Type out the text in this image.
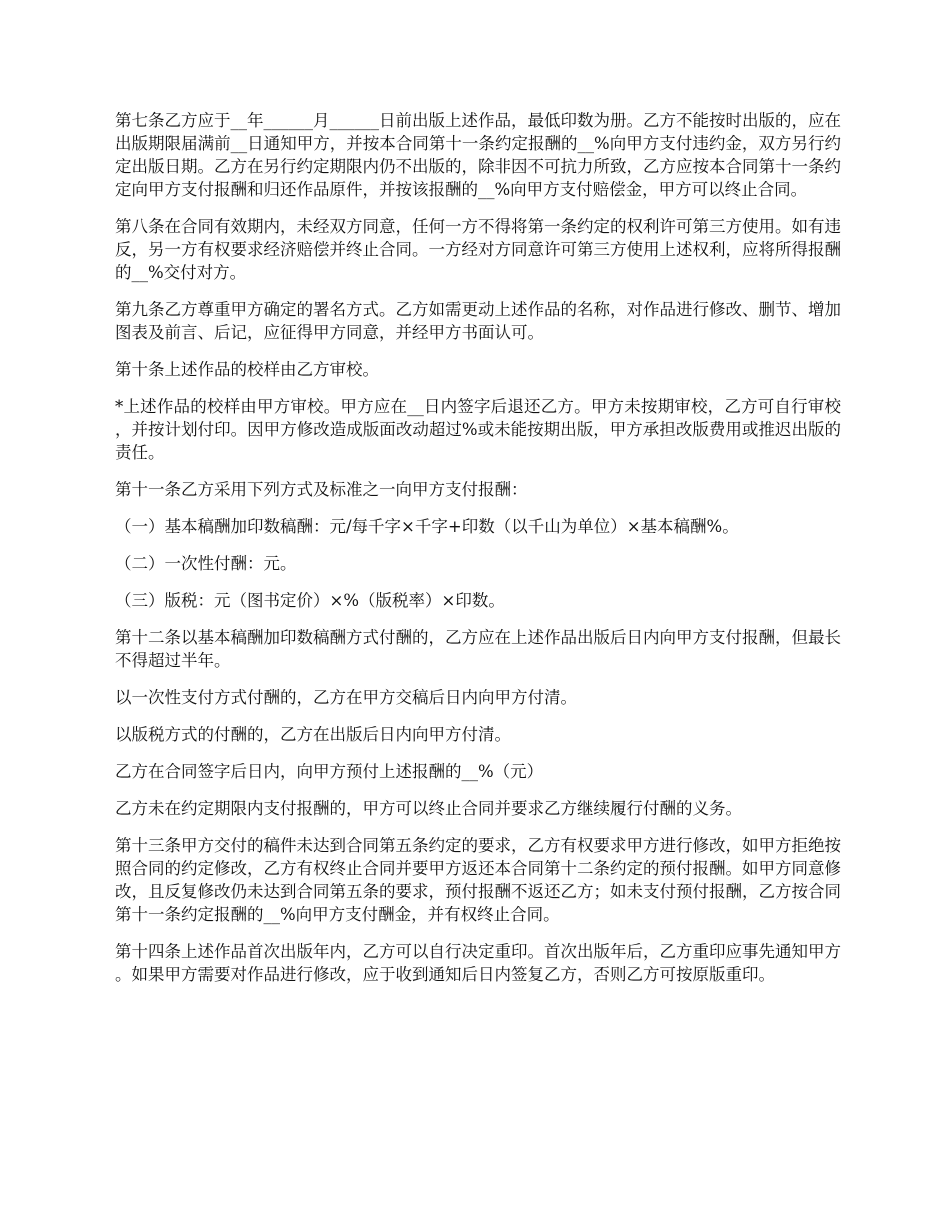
第七条乙方应于__年______月______日前出版上述作品，最低印数为册。乙方不能按时出版的，应在出版期限届满前__日通知甲方，并按本合同第十一条约定报酬的__%向甲方支付违约金，双方另行约定出版日期。乙方在另行约定期限内仍不出版的，除非因不可抗力所致，乙方应按本合同第十一条约定向甲方支付报酬和归还作品原件，并按该报酬的__%向甲方支付赔偿金，甲方可以终止合同。

第八条在合同有效期内，未经双方同意，任何一方不得将第一条约定的权利许可第三方使用。如有违反，另一方有权要求经济赔偿并终止合同。一方经对方同意许可第三方使用上述权利，应将所得报酬的__%交付对方。

第九条乙方尊重甲方确定的署名方式。乙方如需更动上述作品的名称，对作品进行修改、删节、增加图表及前言、后记，应征得甲方同意，并经甲方书面认可。

第十条上述作品的校样由乙方审校。

*上述作品的校样由甲方审校。甲方应在__日内签字后退还乙方。甲方未按期审校，乙方可自行审校，并按计划付印。因甲方修改造成版面改动超过%或未能按期出版，甲方承担改版费用或推迟出版的责任。

第十一条乙方采用下列方式及标准之一向甲方支付报酬：

（一）基本稿酬加印数稿酬：元/每千字×千字+印数（以千山为单位）×基本稿酬%。

（二）一次性付酬：元。

（三）版税：元（图书定价）×%（版税率）×印数。

第十二条以基本稿酬加印数稿酬方式付酬的，乙方应在上述作品出版后日内向甲方支付报酬，但最长不得超过半年。

以一次性支付方式付酬的，乙方在甲方交稿后日内向甲方付清。

以版税方式的付酬的，乙方在出版后日内向甲方付清。

乙方在合同签字后日内，向甲方预付上述报酬的__%（元）

乙方未在约定期限内支付报酬的，甲方可以终止合同并要求乙方继续履行付酬的义务。

第十三条甲方交付的稿件未达到合同第五条约定的要求，乙方有权要求甲方进行修改，如甲方拒绝按照合同的约定修改，乙方有权终止合同并要甲方返还本合同第十二条约定的预付报酬。如甲方同意修改，且反复修改仍未达到合同第五条的要求，预付报酬不返还乙方；如未支付预付报酬，乙方按合同第十一条约定报酬的__%向甲方支付酬金，并有权终止合同。

第十四条上述作品首次出版年内，乙方可以自行决定重印。首次出版年后，乙方重印应事先通知甲方。如果甲方需要对作品进行修改，应于收到通知后日内签复乙方，否则乙方可按原版重印。
